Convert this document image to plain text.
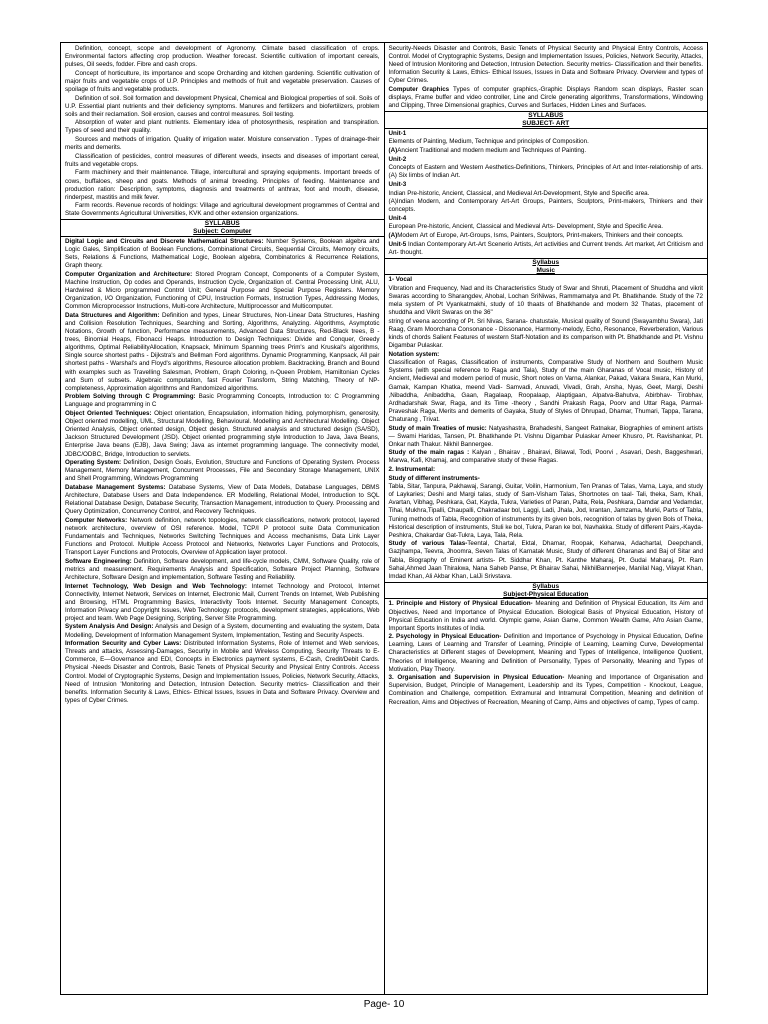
Definition, concept, scope and development of Agronomy. Climate based classification of crops. Environmental factors affecting crop production. Weather forecast. Scientific cultivation of important cereals, pulses, Oil seeds, fodder. Fibre and cash crops.

Concept of horticulture, its importance and scope Orcharding and kitchen gardening. Scientific cultivation of major fruits and vegetable crops of U.P. Principles and methods of fruit and vegetable preservation. Causes of spoilage of fruits and vegetable products.

Definition of soil. Soil formation and development Physical, Chemical and Biological properties of soil. Soils of U.P. Essential plant nutrients and their deficiency symptoms. Manures and fertilizers and biofertilizers, problem soils and their reclamation. Soil erosion, causes and control measures. Soil testing.

Absorption of water and plant nutrients. Elementary idea of photosynthesis, respiration and transpiration. Types of seed and their quality.

Sources and methods of irrigation. Quality of irrigation water. Moisture conservation . Types of drainage-their merits and demerits.

Classification of pesticides, control measures of different weeds, insects and diseases of important cereal, fruits and vegetable crops.

Farm machinery and their maintenance. Tillage, intercultural and spraying equipments. Important breeds of cows, buffaloes, sheep and goats. Methods of animal breeding. Principles of feeding. Maintenance and production ration: Description, symptoms, diagnosis and treatments of anthrax, foot and mouth, disease, rinderpest, mastitis and milk fever.

Farm records. Revenue records of holdings: Village and agricultural development programmes of Central and State Governments Agricultural Universities, KVK and other extension organizations.

SYLLABUS
Subject: Computer

Digital Logic and Circuits and Discrete Mathematical Structures: Number Systems, Boolean algebra and Logic Gales, Simplification of Boolean Functions, Combinational Circuits, Sequential Circuits, Memory circuits, Sets, Relations & Functions, Mathematical Logic, Boolean algebra, Combinatorics & Recurrence Relations, Graph theory.

Computer Organization and Architecture: Stored Program Concept, Components of a Computer System, Machine Instruction, Op codes and Operands, Instruction Cycle, Organization of. Central Processing Unit, ALU, Hardwired & Micro programmed Control Unit; General Purpose and Special Purpose Registers. Memory Organization, I/O Organization, Functioning of CPU, Instruction Formats, Instruction Types, Addressing Modes, Common Microprocessor Instructions, Multi-core Architecture, Multiprocessor and Multicomputer.

Data Structures and Algorithm: Definition and types, Linear Structures, Non-Linear Data Structures, Hashing and Collision Resolution Techniques, Searching and Sorting, Algorithms, Analyzing. Algorithms, Asymptotic Notations, Growth of function, Performance measurements, Advanced Data Structures, Red-Black trees, B - trees, Binomial Heaps, Fibonacci Heaps. Introduction to Design Techniques: Divide and Conquer, Greedy algorithms, Optimal ReliabilityAllocation, Knapsack, Minimum Spanning trees Prim's and Kruskal's algorithms, Single source shortest paths - Dijkstra's and Bellman Ford algorithms. Dynamic Programming, Kanpsack, All pair shortest paths - Warshal's and Floyd's algorithms, Resource allocation problem. Backtracking, Branch and Bound with examples such as Travelling Salesman, Problem, Graph Coloring, n-Queen Problem, Hamiltonian Cycles and Sum of subsets. Algebraic computation, fast Fourier Transform, String Matching, Theory of NP- completeness, Approximation algorithms and Randomized algorithms.

Problem Solving through C Programming: Basic Programming Concepts, Introduction to: C Programming Language and programming in C

Object Oriented Techniques: Object orientation, Encapsulation, information hiding, polymorphism, generosity, Object oriented modelling, UML, Structural Modelling, Behavioural. Modelling and Architectural Modelling. Object Oriented Analysis, Object oriented design, Object design. Structured analysis and structured design (SA/SD), Jackson Structured Development (JSD). Object oriented programming style Introduction to Java, Java Beans, Enterprise Java beans (EJB), Java Swing; Java as internet programming language. The connectivity model, JDBC/ODBC, Bridge, Introduction to servlets.

Operating System: Definition, Design Goals, Evolution, Structure and Functions of Operating System. Process Management, Memory Management, Concurrent Processes, File and Secondary Storage Management, UNIX and Shell Programming, Windows Programming

Database Management Systems: Database Systems, View of Data Models, Database Languages, DBMS Architecture, Database Users and Data Independence. ER Modelling, Relational Model, Introduction to SQL Relational Database Design, Database Security, Transaction Management, introduction to Query. Processing and Query Optimization, Concurrency Control, and Recovery Techniques.

Computer Networks: Network definition, network topologies, network classifications, network protocol, layered network architecture, overview of OSI reference. Model, TCP/I P protocol suite Data Communication Fundamentals and Techniques, Networks Switching Techniques and Access mechanisms, Data Link Layer Functions and Protocol. Multiple Access Protocol and Networks, Networks Layer Functions and Protocols, Transport Layer Functions and Protocols, Overview of Application layer protocol.

Software Engineering: Definition, Software development, and life-cycle models, CMM, Software Quality, role of metrics and measurement. Requirements Analysis and Specification, Software Project Planning, Software Architecture, Software Design and implementation, Software Testing and Reliability.

Internet Technology, Web Design and Web Technology: Internet Technology and Protocol, Internet Connectivity, Internet Network, Services on Internet, Electronic Mail, Current Trends on Internet, Web Publishing and Browsing, HTML Programming Basics, Interactivity Tools Internet. Security Management Concepts, Information Privacy and Copyright Issues, Web Technology: protocols, development strategies, applications, Web project and team. Web Page Designing, Scripting, Server Site Programming.

System Analysis And Design: Analysis and Design of a System, documenting and evaluating the system, Data Modelling, Development of Information Management System, Implementation, Testing and Security Aspects.

Information Security and Cyber Laws: Distributed Information Systems, Role of Internet and Web services, Threats and attacks, Assessing-Damages, Security in Mobile and Wireless Computing, Security Threats to E-Commerce, E—Governance and EDI, Concepts in Electronics payment systems, E-Cash, Credit/Debit Cards. Physical -Needs Disaster and Controls, Basic Tenets of Physical Security and Physical Entry Controls. Access Control. Model of Cryptographic Systems, Design and Implementation Issues, Policies, Network Security, Attacks, Need of Intrusion 'Monitoring and Detection, Intrusion Detection. Security metrics- Classification and their benefits. Information Security & Laws, Ethics- Ethical Issues, Issues in Data and Software Privacy. Overview and types of Cyber Crimes.

Security-Needs Disaster and Controls, Basic Tenets of Physical Security and Physical Entry Controls, Access Control. Model of Cryptographic Systems, Design and Implementation Issues, Policies, Network Security, Attacks, Need of Intrusion Monitoring and Detection, Intrusion Detection. Security metrics- Classification and their benefits. Information Security & Laws, Ethics- Ethical Issues, Issues in Data and Software Privacy. Overview and types of Cyber Crimes.

Computer Graphics Types of computer graphics,-Graphic Displays Random scan displays, Raster scan displays, Frame buffer and video controller, Line and Circle generating algorithms, Transformations, Windowing and Clipping, Three Dimensional graphics, Curves and Surfaces, Hidden Lines and Surfaces.

SYLLABUS
SUBJECT- ART

Unit-1

Elements of Painting, Medium, Technique and principles of Composition.

(A)Ancient Traditional and modern medium and Techniques of Painting.

Unit-2

Concepts of Eastern and Western Aesthetics-Definitions, Thinkers, Principles of Art and Inter-relationship of arts. (A) Six limbs of Indian Art.

Unit-3

Indian Pre-historic, Ancient, Classical, and Medieval Art-Development, Style and Specific area.

(A)Indian Modern, and Contemporary Art-Art Groups, Painters, Sculptors, Print-makers, Thinkers and their concepts.

Unit-4

European Pre-historic, Ancient, Classical and Medieval Arts- Development, Style and Specific Area.

(A)Modern Art of Europe, Art-Groups, Isms, Painters, Sculptors, Print-makers, Thinkers and their concepts.

Unit-5 Indian Contemporary Art-Art Scenerio Artists, Art activities and Current trends. Art market, Art Criticism and Art- thought.

Syllabus
Music

1- Vocal

Vibration and Frequency, Nad and its Characteristics Study of Swar and Shruti, Placement of Shuddha and vikrit Swaras according to Sharangdev, Ahobal, Lochan SriNiwas, Rammamatya and Pt. Bhatkhande. Study of the 72 mela system of Pt Vyankatmakhi, study of 10 thaats of Bhatkhande and modern 32 Thatas, placement of shuddha and Vikrit Swaras on the 36"

string of veena according of Pt. Sri Nivas, Sarana- chatustaie, Musical quality of Sound (Swayambhu Swara), Jati Raag, Gram Moorchana Consonance - Dissonance, Harmony-melody, Echo, Resonance, Reverberation, Various kinds of chords Salient Features of western Staff-Notation and its comparison with Pt. Bhatkhande and Pt. Vishnu Digambar Pulaskar.

Notation system:

Classification of Ragas, Classification of instruments, Comparative Study of Northern and Southern Music Systems (with special reference to Raga and Tala), Study of the main Gharanas of Vocal music, History of Ancient, Medieval and modern period of music, Short notes on Varna, Alankar, Pakad, Vakara Swara, Kan Murki, Gamak, Kampan Khatka, meend Vadi- Samvadi, Anuvadi, Vivadi, Grah, Ansha, Nyas, Geet, Margi, Deshi ,Nibaddha, Anibaddha, Gaan, Ragalaap, Roopalaap, Alaptigaan, Alpatva-Bahutva, Abirbhav- Tirobhav, Ardhadarshak Swar, Raga, and its Time -theory , Sandhi Prakash Raga, Poorv and Uttar Raga, Parmal- Praveshak Raga, Merits and demerits of Gayaka, Study of Styles of Dhrupad, Dhamar, Thumari, Tappa, Tarana, Chaturang , Trivat.

Study of main Treaties of music: Natyashastra, Brahadeshi, Sangeet Ratnakar, Biographies of eminent artists — Swami Haridas, Tansen, Pt. Bhatkhande Pt. Vishnu Digambar Pulaskar Ameer Khusro, Pt. Ravishankar, Pt. Onkar nath Thakur. Nikhil Bannergee.

Study of the main ragas : Kalyan , Bhairav , Bhairavi, Bilawal, Todi, Poorvi , Asavari, Desh, Baggeshwari, Marwa, Kafi, Khamaj, and comparative study of these Ragas.

2. Instrumental:

Study of different instruments-

Tabla, Sitar, Tanpura, Pakhawaj, Sarangi, Guitar, Voilin, Harmonium, Ten Pranas of Talas, Varna, Laya, and study of Laykaries; Deshi and Margi talas, study of Sam-Visham Talas, Shortnotes on taal- Tali, theka, Sam, Khali, Avartan, Vibhag, Peshkara, Gat, Kayda, Tukra, Varieties of Paran, Palta, Rela, Peshkara, Damdar and Vedamdar, Tihai, Mukhra,Tipalli, Chaupalli, Chakradaar bol, Laggi, Ladi, Jhala, Jod, krantan, Jamzama, Murki, Parts of Tabla, Tuning methods of Tabla, Recognition of instruments by its given bols, recognition of talas by given Bols of Theka, Historical description of instruments, Stuli ke bol, Tukra, Paran ke bol, Navhakka. Study of different Pairs,-Kayda-Peshkra, Chakardar Gat-Tukra, Laya, Tala, Rela.

Study of various Talas-Teental, Chartal, Ektal, Dhamar, Roopak, Keharwa, Adachartal, Deepchandi, Gazjhampa, Teevra, Jhoomra, Seven Talas of Karnatak Music, Study of different Gharanas and Baj of Sitar and Tabla, Biography of Eminent artists- Pt. Siddhar Khan, Pt. Kanthe Maharaj, Pt. Gudai Maharaj, Pt. Ram Sahai,Ahmed Jaan Thirakwa, Nana Saheb Panse, Pt Bhairav Sahai, NikhilBannerjee, Manilal Nag, Vilayat Khan, Imdad Khan, Ali Akbar Khan, LalJi Srivstava.

Syllabus
Subject-Physical Education

1. Principle and History of Physical Education- Meaning and Definition of Physical Education, Its Aim and Objectives, Need and Importance of Physical Education. Biological Basis of Physical Education, History of Physical Education in India and world. Olympic game, Asian Game, Common Wealth Game, Afro Asian Game, Important Sports Institutes of India.

2. Psychology in Physical Education- Definition and Importance of Psychology in Physical Education, Define Learning, Laws of Learning and Transfer of Learning, Principle of Learning, Learning Curve, Developmental Characteristics at Different stages of Development, Meaning and Types of Intelligence, Intelligence Quotient, Theories of Intelligence, Meaning and Definition of Personality, Types of Personality, Meaning and Types of Motivation, Play Theory.

3. Organisation and Supervision in Physical Education- Meaning and Importance of Organisation and Supervision, Budget, Principle of Management, Leadership and its Types, Competition - Knockout, League, Combination and Challenge, competition. Extramural and Intramural Competition, Meaning and definition of Recreation, Aims and Objectives of Recreation, Meaning of Camp, Aims and objectives of camp, Types of camp.

Page- 10
